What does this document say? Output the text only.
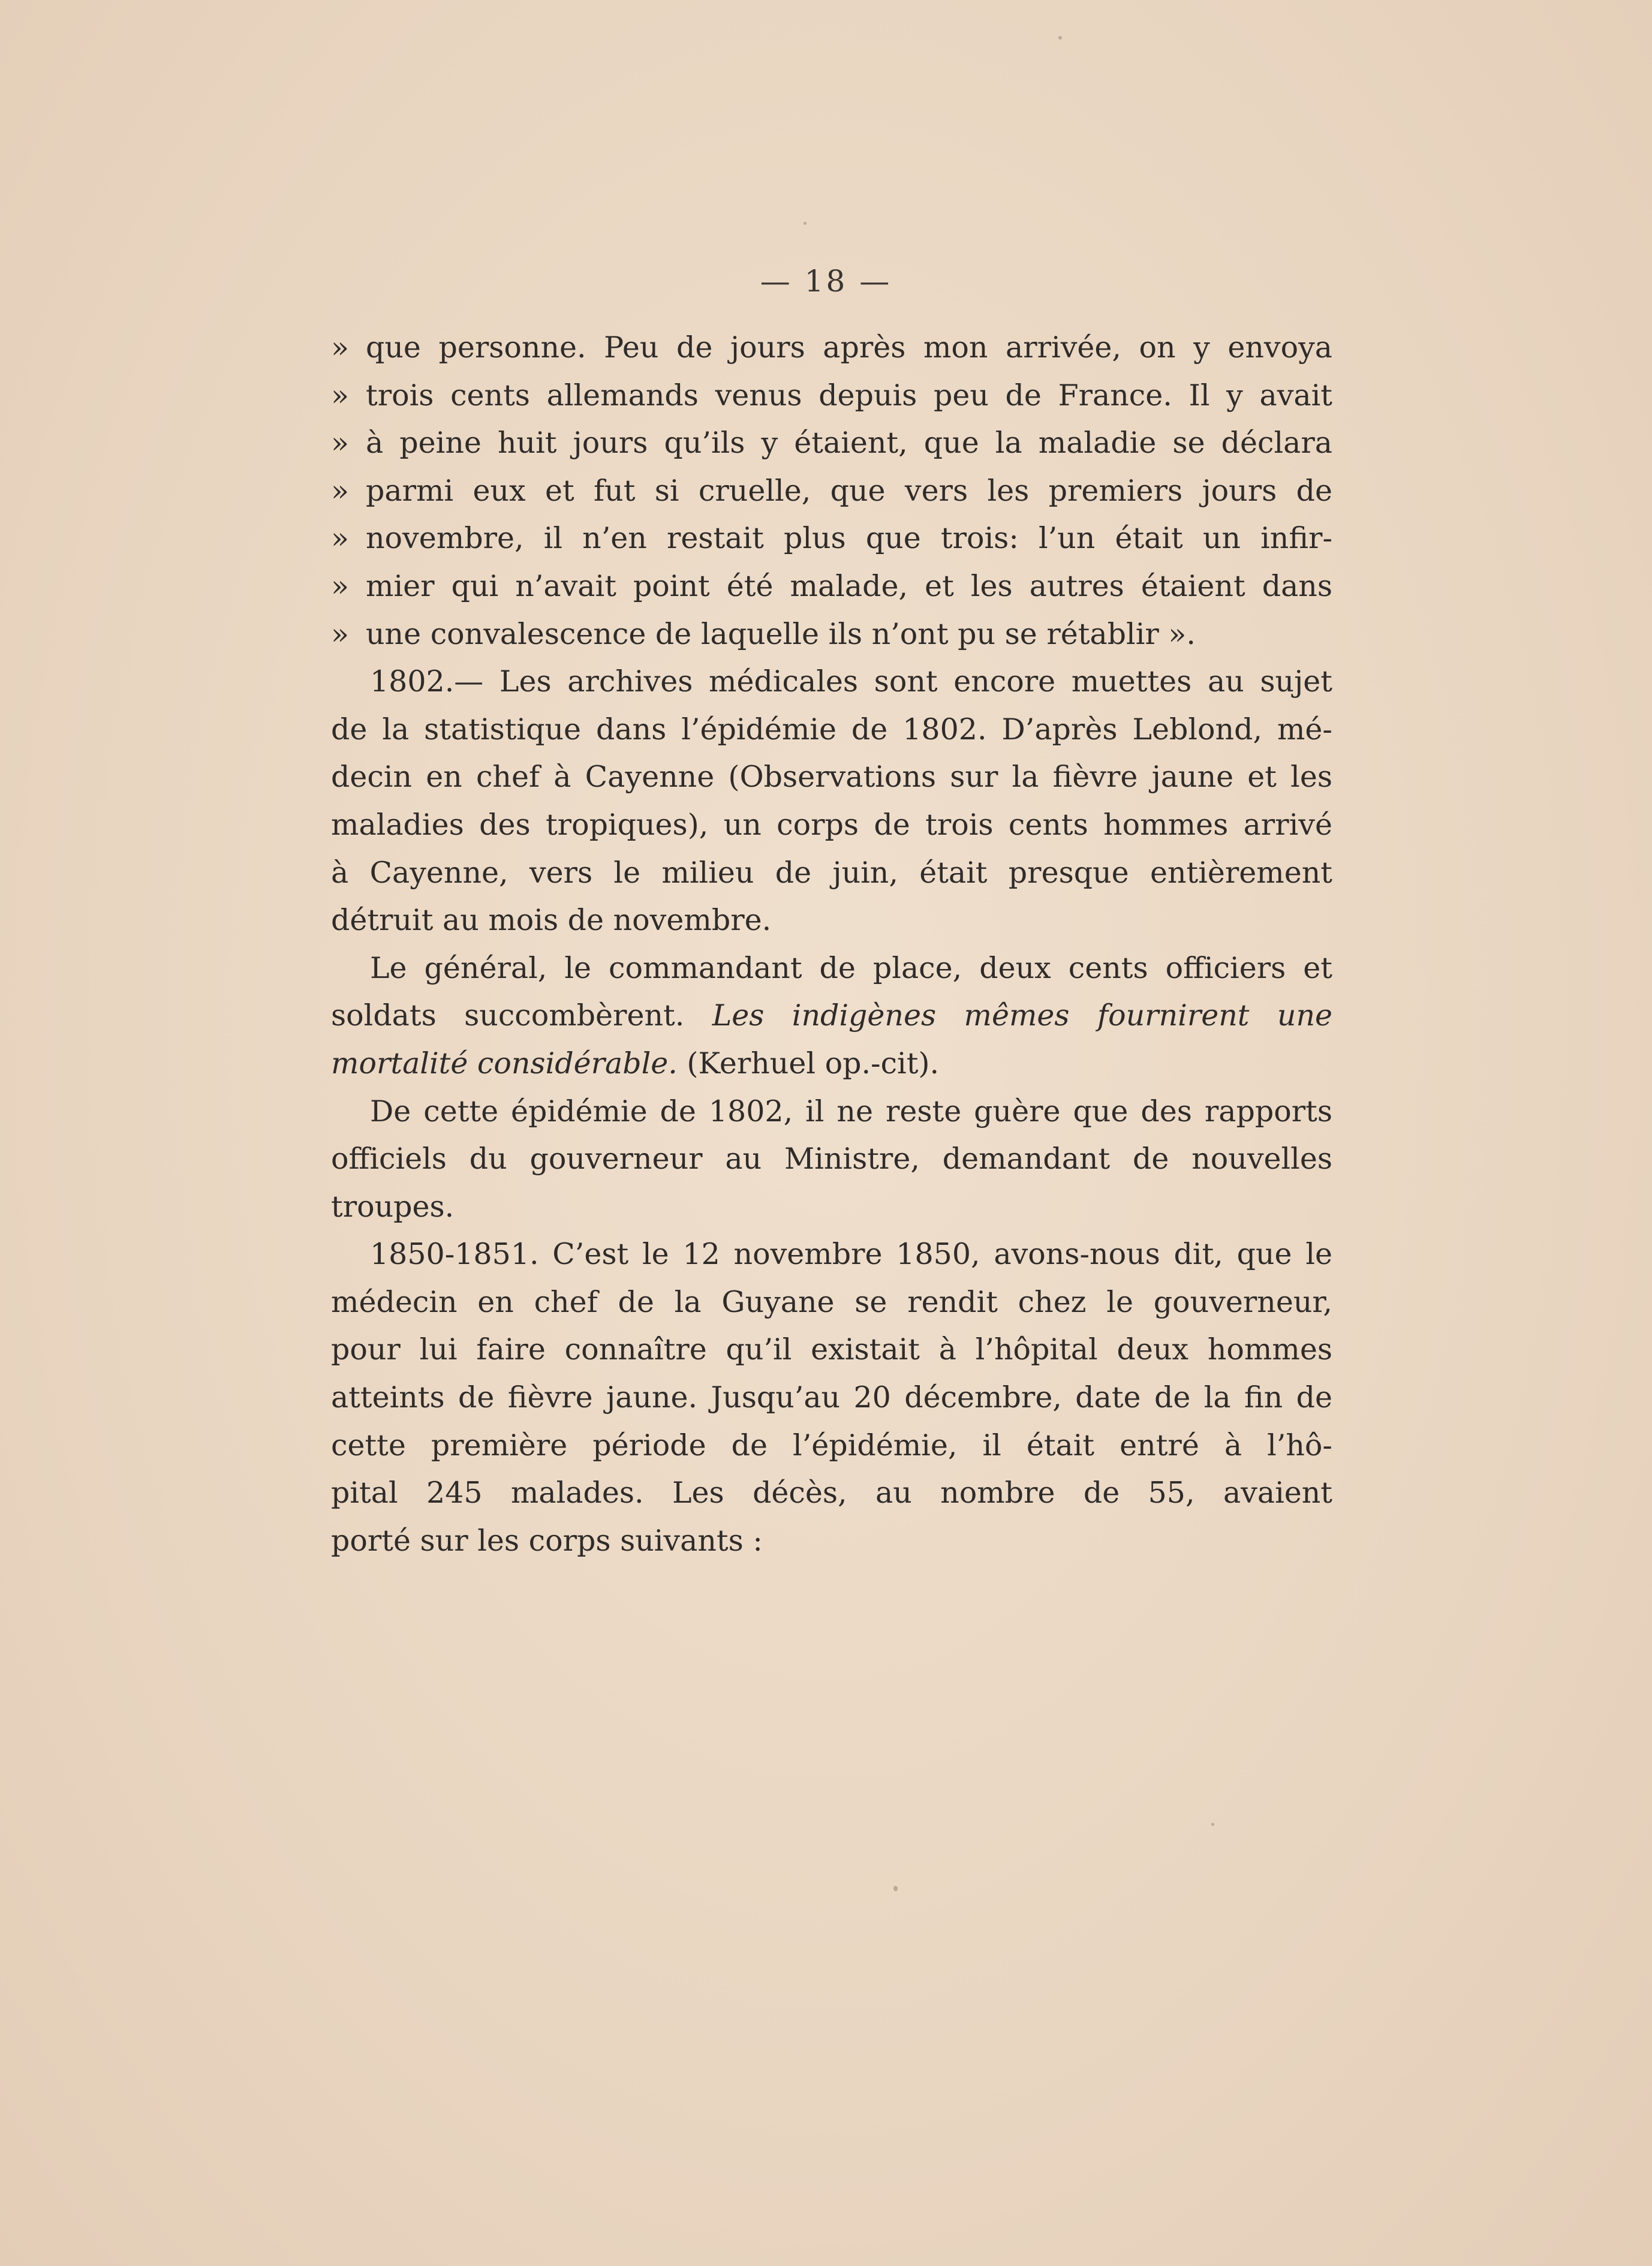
— 18 —
» que personne. Peu de jours après mon arrivée, on y envoya
» trois cents allemands venus depuis peu de France. Il y avait
» à peine huit jours qu’ils y étaient, que la maladie se déclara
» parmi eux et fut si cruelle, que vers les premiers jours de
» novembre, il n’en restait plus que trois: l’un était un infir-
» mier qui n’avait point été malade, et les autres étaient dans
» une convalescence de laquelle ils n’ont pu se rétablir ».
1802.— Les archives médicales sont encore muettes au sujet
de la statistique dans l’épidémie de 1802. D’après Leblond, mé-
decin en chef à Cayenne (Observations sur la fièvre jaune et les
maladies des tropiques), un corps de trois cents hommes arrivé
à Cayenne, vers le milieu de juin, était presque entièrement
détruit au mois de novembre.
Le général, le commandant de place, deux cents officiers et
soldats succombèrent. Les indigènes mêmes fournirent une
mortalité considérable. (Kerhuel op.-cit).
De cette épidémie de 1802, il ne reste guère que des rapports
officiels du gouverneur au Ministre, demandant de nouvelles
troupes.
1850-1851. C’est le 12 novembre 1850, avons-nous dit, que le
médecin en chef de la Guyane se rendit chez le gouverneur,
pour lui faire connaître qu’il existait à l’hôpital deux hommes
atteints de fièvre jaune. Jusqu’au 20 décembre, date de la fin de
cette première période de l’épidémie, il était entré à l’hô-
pital 245 malades. Les décès, au nombre de 55, avaient
porté sur les corps suivants :
